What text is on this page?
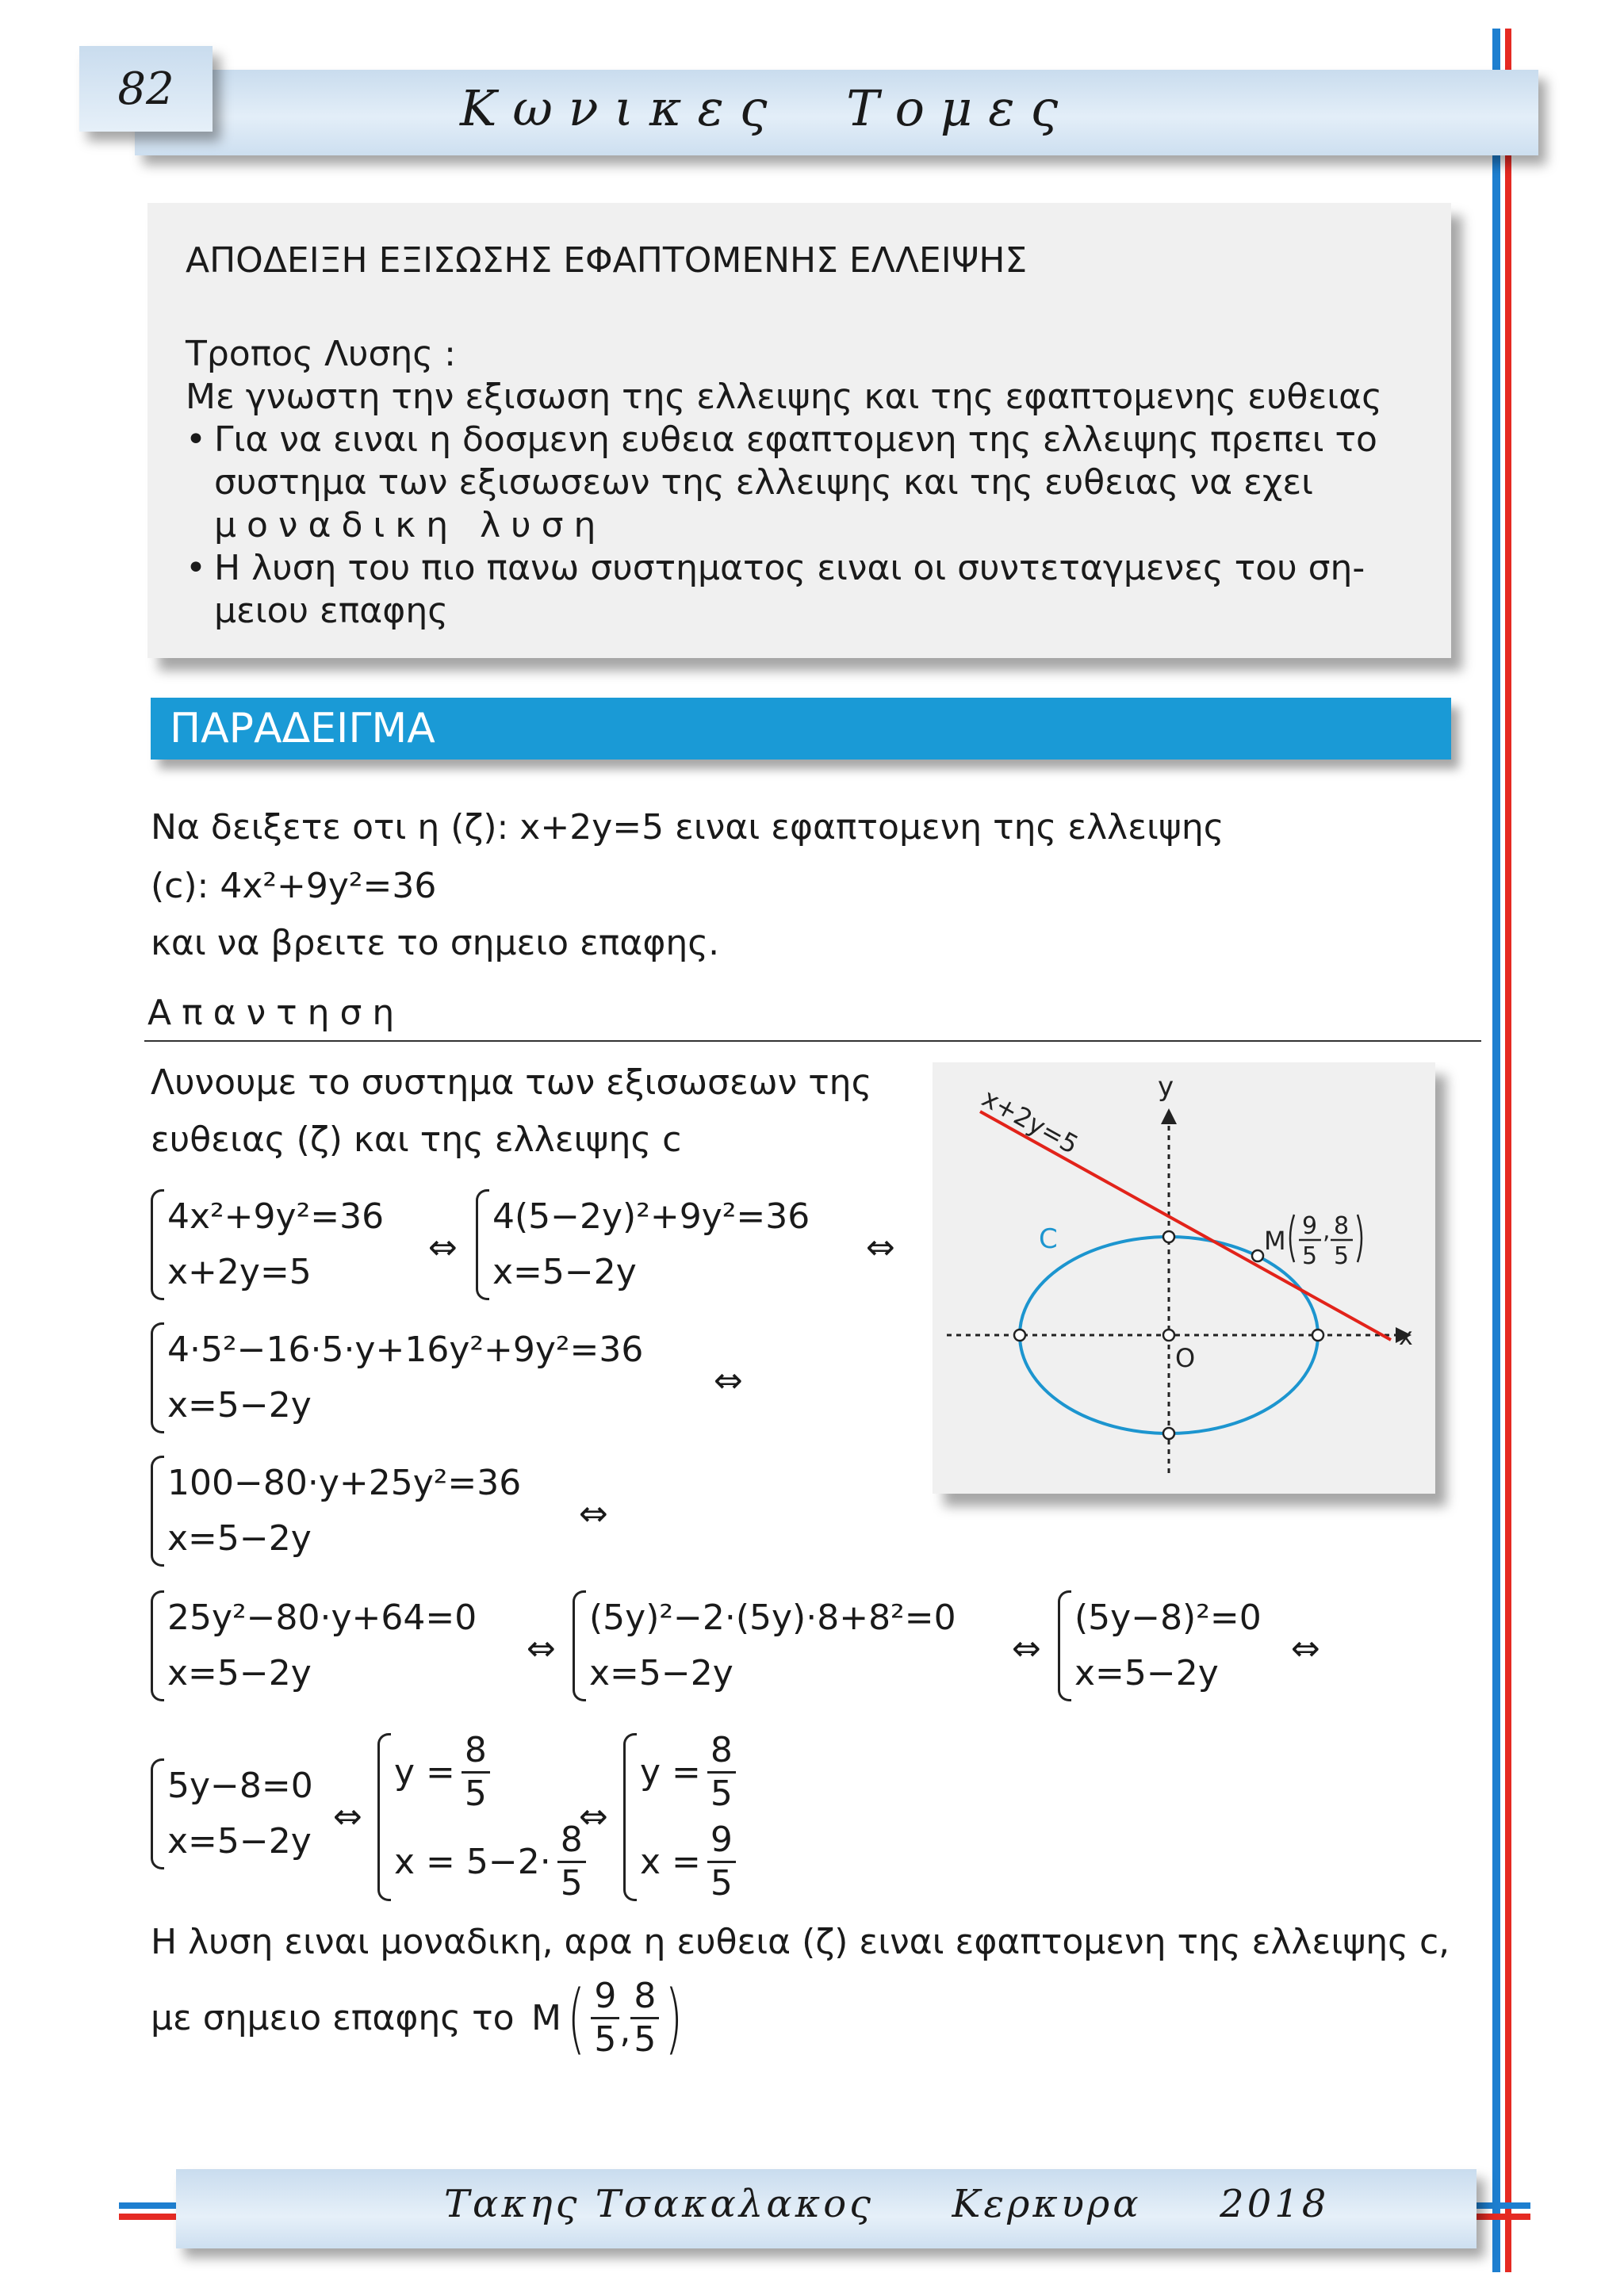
82	Κωνικες Τομες
ΑΠΟΔΕΙΞΗ ΕΞΙΣΩΣΗΣ ΕΦΑΠΤΟΜΕΝΗΣ ΕΛΛΕΙΨΗΣ
Τροπος Λυσης :
Με γνωστη την εξισωση της ελλειψης και της εφαπτομενης ευθειας
• Για να ειναι η δοσμενη ευθεια εφαπτομενη της ελλειψης πρεπει το
συστημα των εξισωσεων της ελλειψης και της ευθειας να εχει
μοναδικη λυση
• Η λυση του πιο πανω συστηματος ειναι οι συντεταγμενες του ση-
μειου επαφης
ΠΑΡΑΔΕΙΓΜΑ
Να δειξετε οτι η (ζ): x+2y=5 ειναι εφαπτομενη της ελλειψης
(c): 4x²+9y²=36
και να βρειτε το σημειο επαφης.
Απαντηση
Λυνουμε το συστημα των εξισωσεων της
ευθειας (ζ) και της ελλειψης c
4x²+9y²=36
x+2y=5
⇔
4(5−2y)²+9y²=36
x=5−2y
⇔
4·5²−16·5·y+16y²+9y²=36
x=5−2y
⇔
100−80·y+25y²=36
x=5−2y
⇔
25y²−80·y+64=0
x=5−2y
⇔
(5y)²−2·(5y)·8+8²=0
x=5−2y
⇔
(5y−8)²=0
x=5−2y
⇔
5y−8=0
x=5−2y
⇔
$y = \frac{8}{5}$
$x = 5-2\cdot \frac{8}{5}$
⇔
$y = \frac{8}{5}$
$x = \frac{9}{5}$
Η λυση ειναι μοναδικη, αρα η ευθεια (ζ) ειναι εφαπτομενη της ελλειψης c,
με σημειο επαφης το M ( $\frac{9}{5}$ , $\frac{8}{5}$ )
x
y
C
x+2y=5
O
M 9
5
, 8
5
Τακης Τσακαλακος Κερκυρα 2018
